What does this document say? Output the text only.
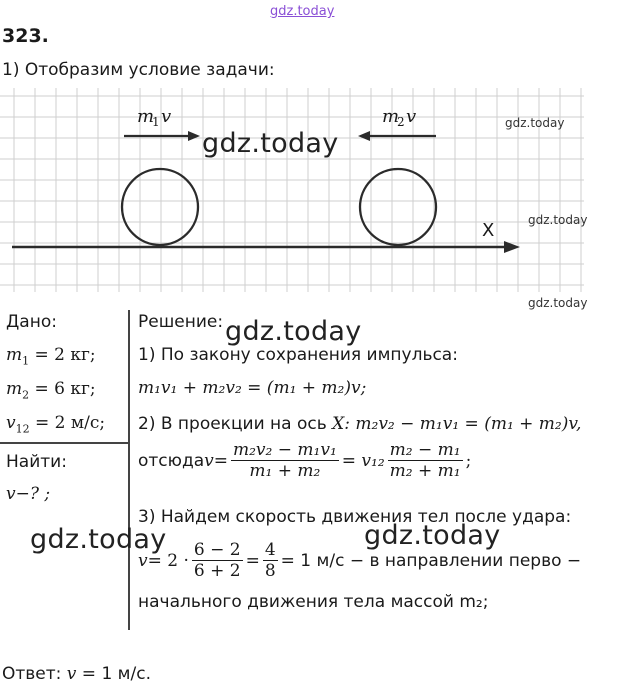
gdz.today
323.
1) Отобразим условие задачи:
m
1 v	m
2 v
X
gdz.today
gdz.today
gdz.today
gdz.today
Дано:
$m_1 = 2$ кг;
$m_2 = 6$ кг;
$v_{12} = 2$ м/с;
Найти:
v−? ;
Решение: gdz.today
1) По закону сохранения импульса:
m₁v₁ + m₂v₂ = (m₁ + m₂)v;
2) В проекции на ось X: m₂v₂ − m₁v₁ = (m₁ + m₂)v,
отсюда $v = \frac{\text{m₂v₂ − m₁v₁}}{\text{m₁ + m₂}} = v_{12} \frac{\text{m₂ − m₁}}{\text{m₂ + m₁}}$ ;
3) Найдем скорость движения тел после удара:
$v = 2 \cdot \frac{6 - 2}{6 + 2} = \frac{4}{8} = 1$ м/с − в направлении перво −
начального движения тела массой m₂;
gdz.today	gdz.today
Ответ: v = 1 м/с.
